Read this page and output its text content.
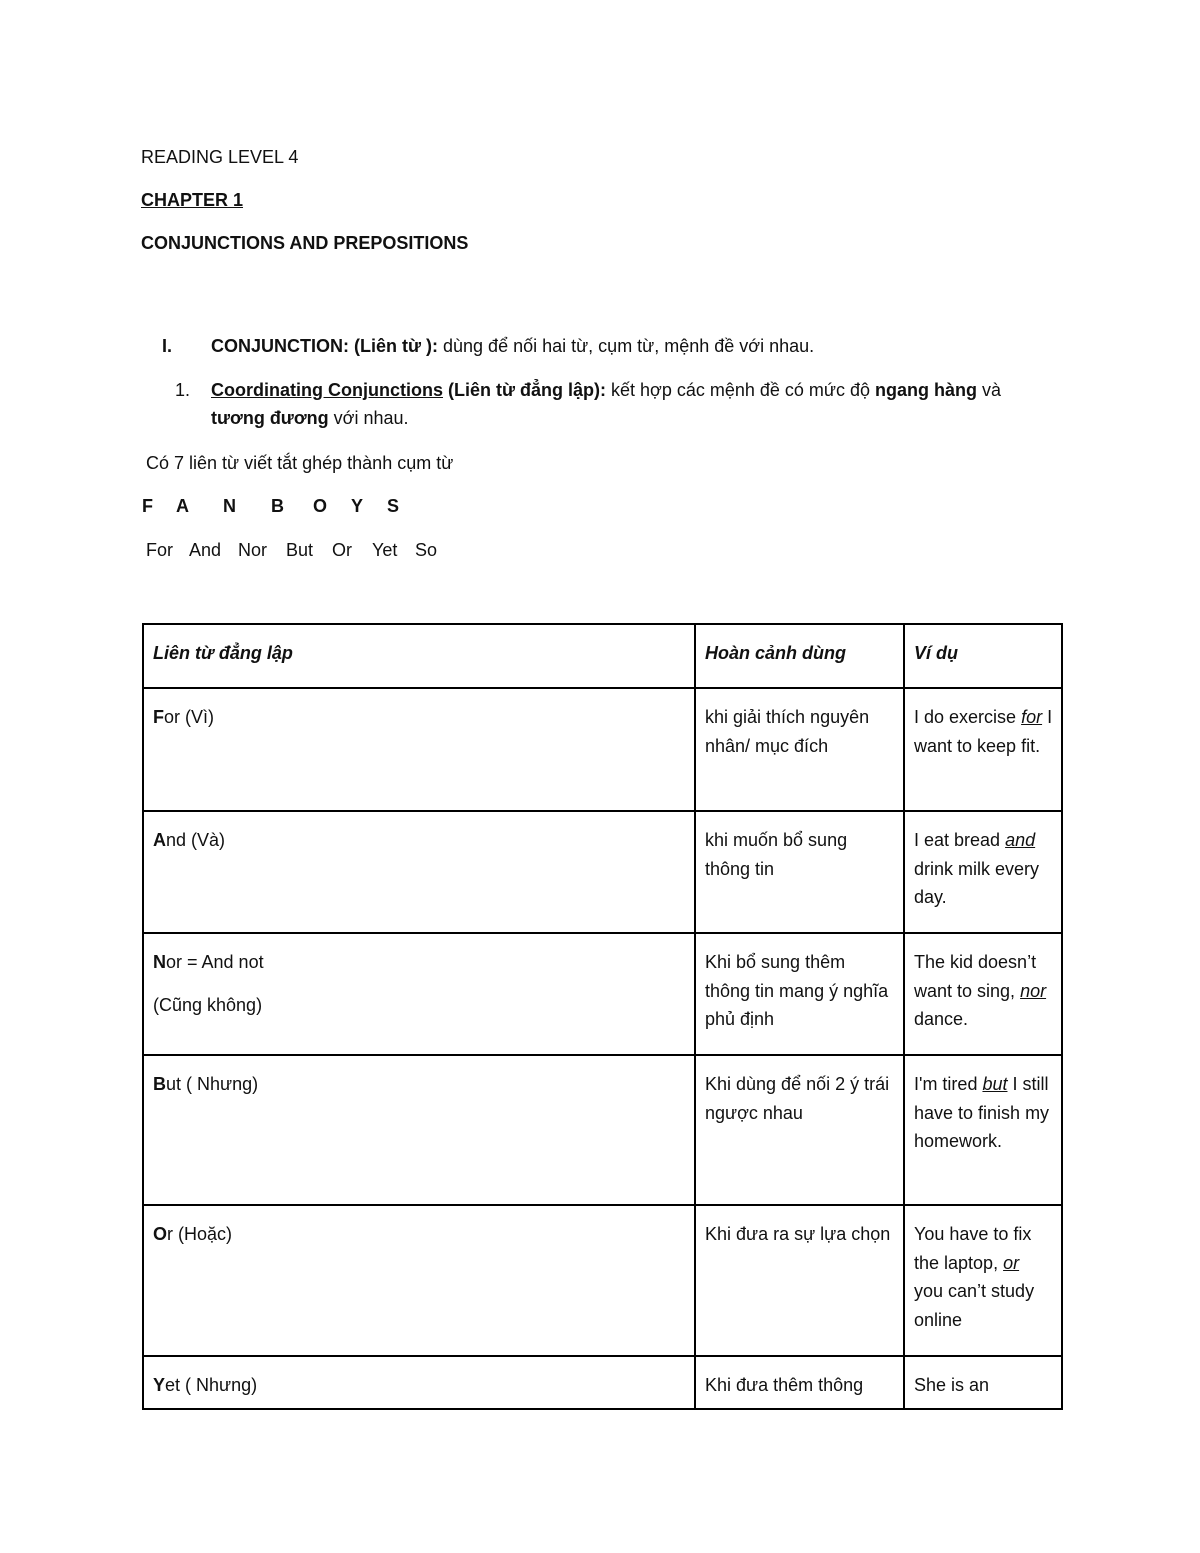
READING LEVEL 4
CHAPTER 1
CONJUNCTIONS AND PREPOSITIONS
I. CONJUNCTION: (Liên từ ): dùng để nối hai từ, cụm từ, mệnh đề với nhau.
1. Coordinating Conjunctions (Liên từ đẳng lập): kết hợp các mệnh đề có mức độ ngang hàng và
tương đương với nhau.
Có 7 liên từ viết tắt ghép thành cụm từ
F A N B O Y S
For And Nor But Or Yet So
Liên từ đẳng lập	Hoàn cảnh dùng	Ví dụ
For (Vì)	khi giải thích nguyên nhân/ mục đích	I do exercise for I want to keep fit.
And (Và)	khi muốn bổ sung thông tin	I eat bread and drink milk every day.

Nor = And not

(Cũng không)	Khi bổ sung thêm thông tin mang ý nghĩa phủ định	The kid doesn’t want to sing, nor dance.
But ( Nhưng)	Khi dùng để nối 2 ý trái ngược nhau	I'm tired but I still have to finish my homework.
Or (Hoặc)	Khi đưa ra sự lựa chọn	You have to fix the laptop, or you can’t study online
Yet ( Nhưng)	Khi đưa thêm thông	She is an
